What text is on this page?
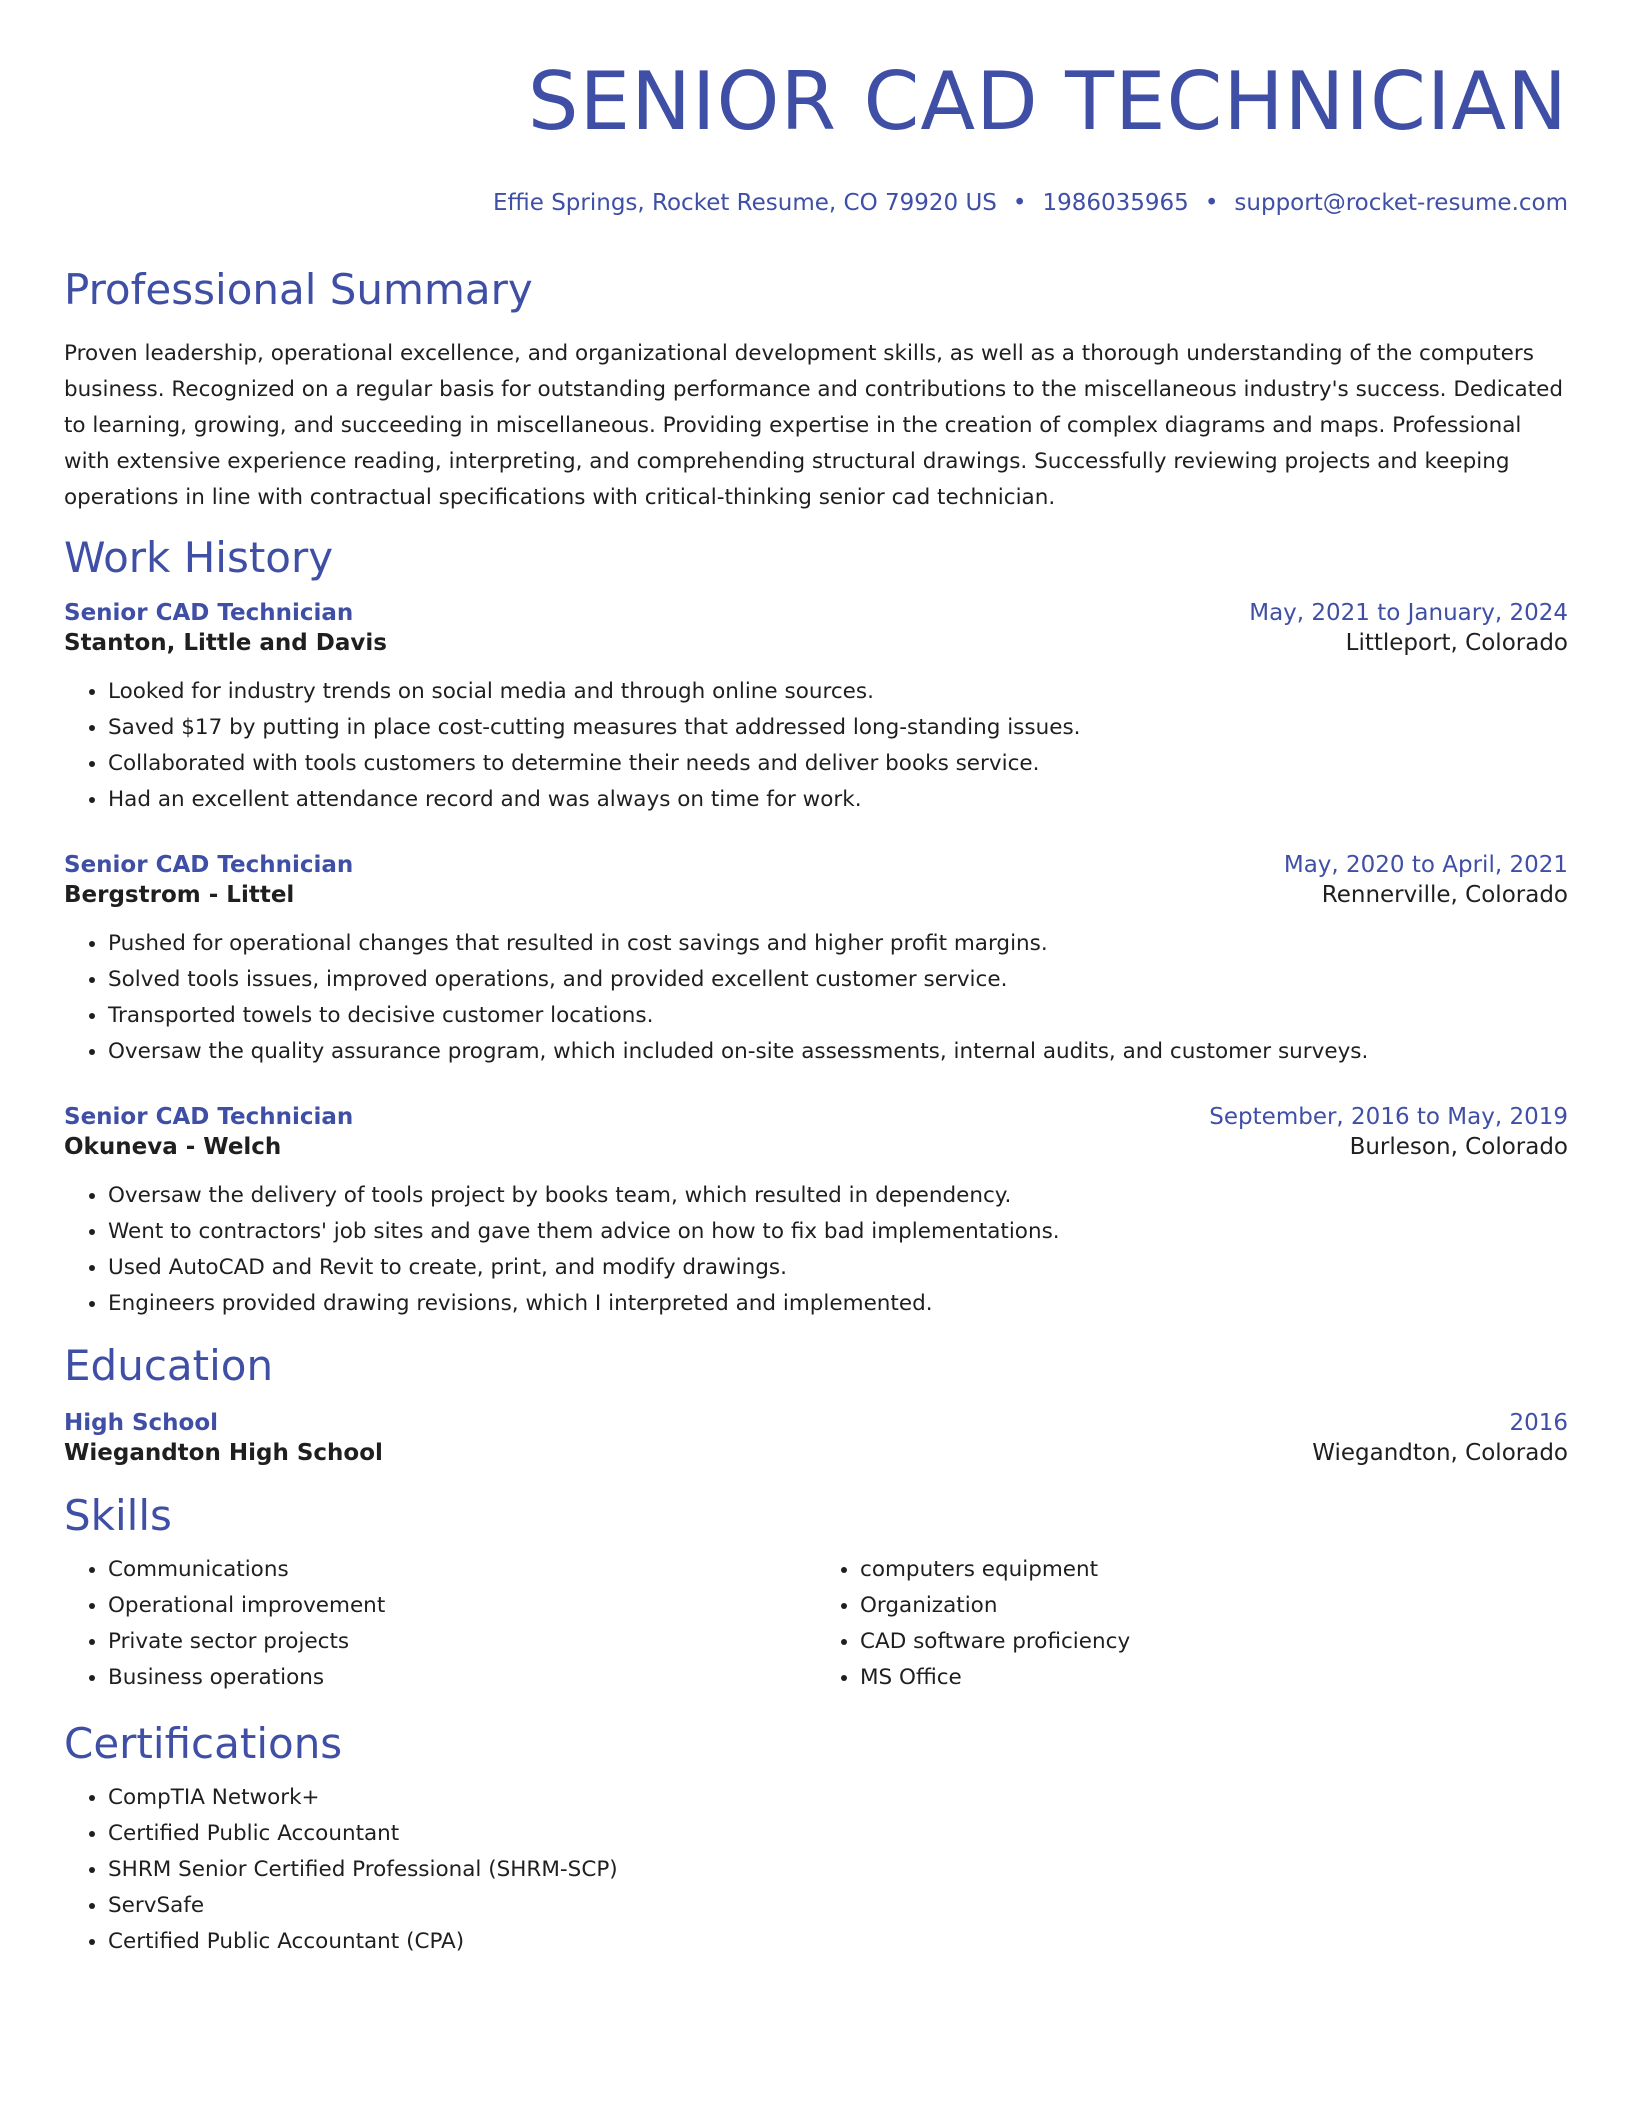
SENIOR CAD TECHNICIAN
Effie Springs, Rocket Resume, CO 79920 US • 1986035965 • support@rocket-resume.com
Professional Summary

Proven leadership, operational excellence, and organizational development skills, as well as a thorough understanding of the computers business. Recognized on a regular basis for outstanding performance and contributions to the miscellaneous industry's success. Dedicated to learning, growing, and succeeding in miscellaneous. Providing expertise in the creation of complex diagrams and maps. Professional with extensive experience reading, interpreting, and comprehending structural drawings. Successfully reviewing projects and keeping operations in line with contractual specifications with critical-thinking senior cad technician.

Work History
Senior CAD Technician	May, 2021 to January, 2024
Stanton, Little and Davis	Littleport, Colorado
• Looked for industry trends on social media and through online sources.
• Saved $17 by putting in place cost-cutting measures that addressed long-standing issues.
• Collaborated with tools customers to determine their needs and deliver books service.
• Had an excellent attendance record and was always on time for work.
Senior CAD Technician	May, 2020 to April, 2021
Bergstrom - Littel	Rennerville, Colorado
• Pushed for operational changes that resulted in cost savings and higher profit margins.
• Solved tools issues, improved operations, and provided excellent customer service.
• Transported towels to decisive customer locations.
• Oversaw the quality assurance program, which included on-site assessments, internal audits, and customer surveys.
Senior CAD Technician	September, 2016 to May, 2019
Okuneva - Welch	Burleson, Colorado
• Oversaw the delivery of tools project by books team, which resulted in dependency.
• Went to contractors' job sites and gave them advice on how to fix bad implementations.
• Used AutoCAD and Revit to create, print, and modify drawings.
• Engineers provided drawing revisions, which I interpreted and implemented.
Education
High School	2016
Wiegandton High School	Wiegandton, Colorado
Skills
• Communications
• Operational improvement
• Private sector projects
• Business operations
• computers equipment
• Organization
• CAD software proficiency
• MS Office
Certifications
• CompTIA Network+
• Certified Public Accountant
• SHRM Senior Certified Professional (SHRM-SCP)
• ServSafe
• Certified Public Accountant (CPA)
